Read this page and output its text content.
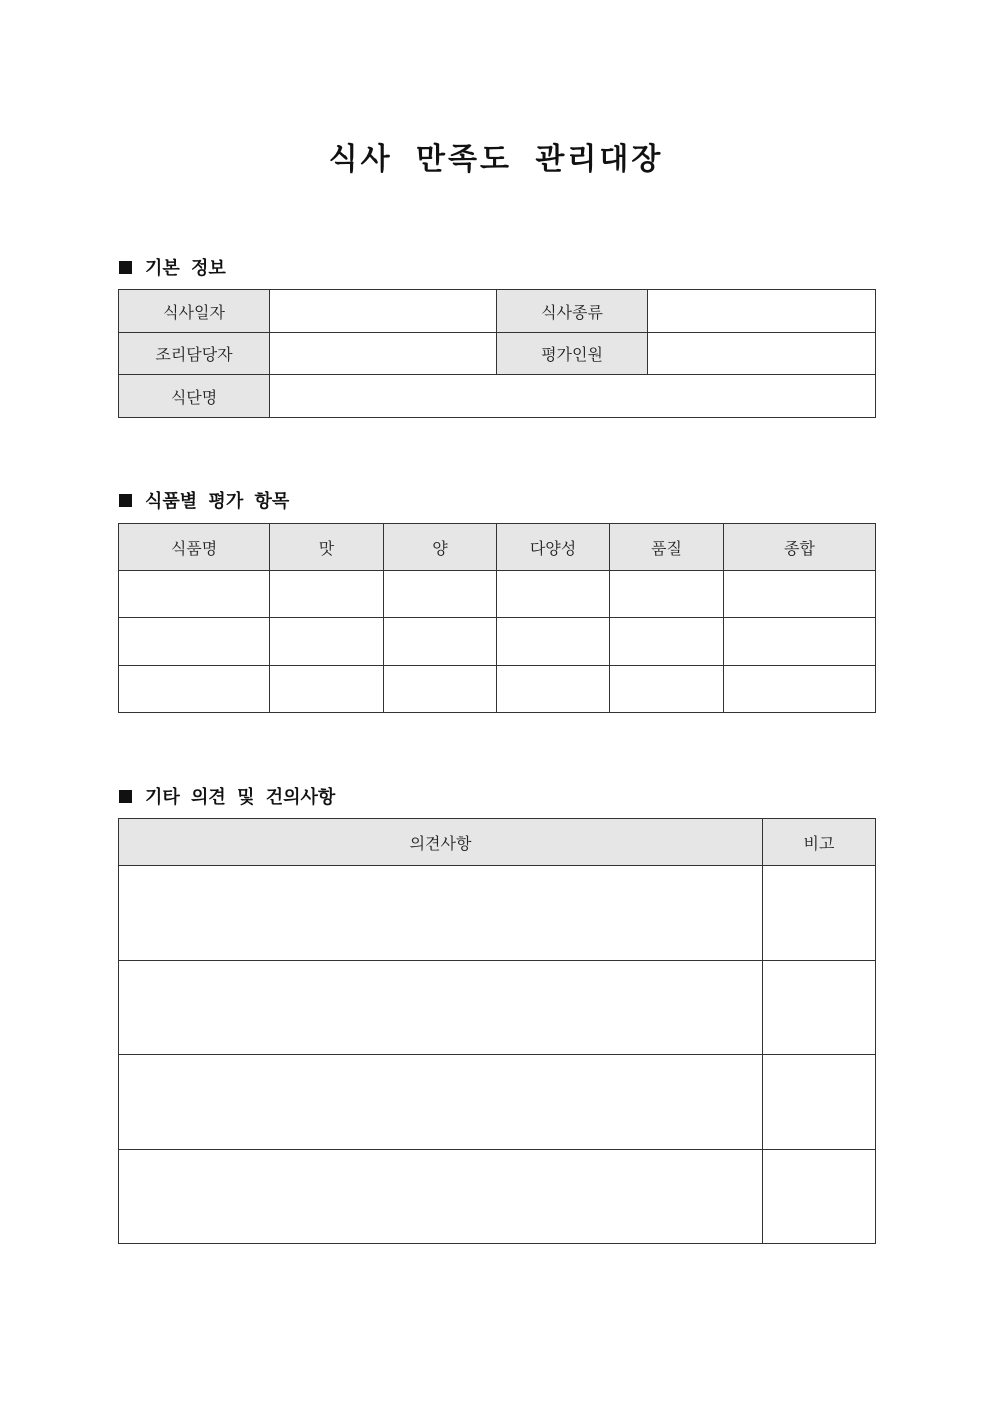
식사 만족도 관리대장
기본 정보
식사일자		식사종류	
조리담당자		평가인원	
식단명			
식품별 평가 항목
식품명	맛	양	다양성	품질	종합

기타 의견 및 건의사항
의견사항	비고
